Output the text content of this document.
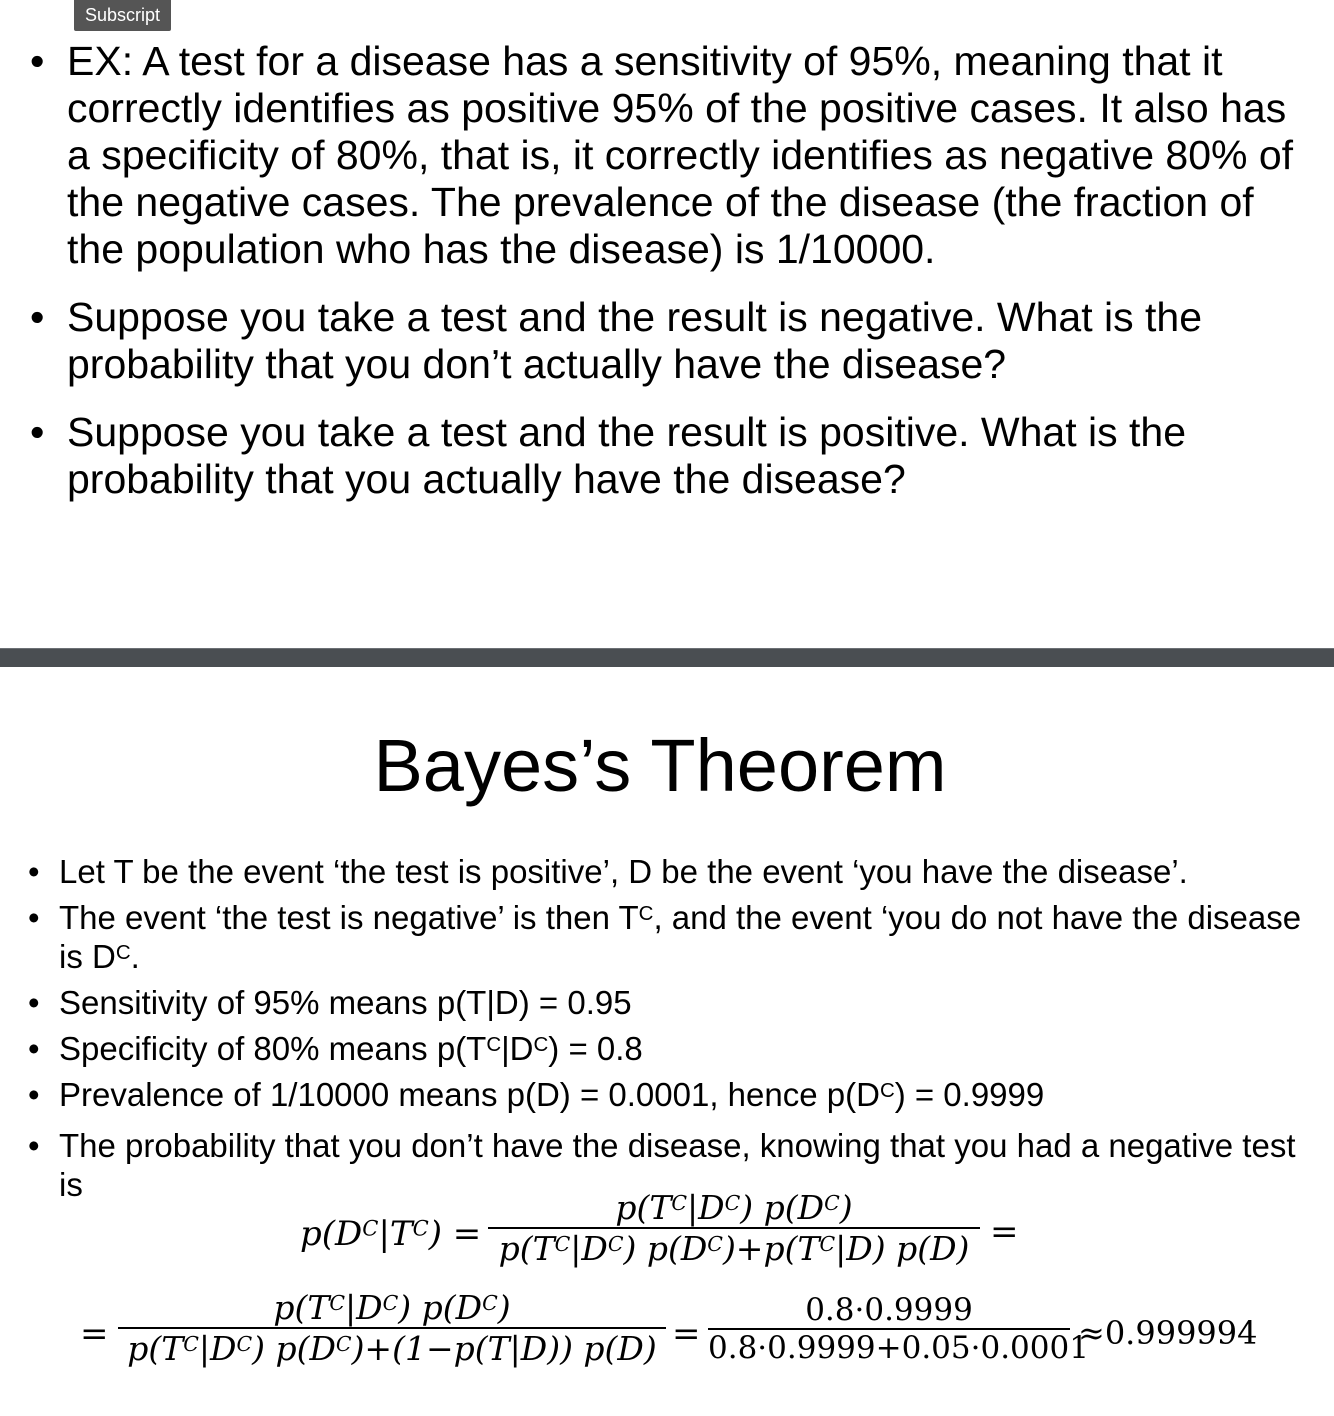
Subscript
• EX: A test for a disease has a sensitivity of 95%, meaning that it correctly identifies as positive 95% of the positive cases. It also has a specificity of 80%, that is, it correctly identifies as negative 80% of the negative cases. The prevalence of the disease (the fraction of the population who has the disease) is 1/10000.
• Suppose you take a test and the result is negative. What is the probability that you don’t actually have the disease?
• Suppose you take a test and the result is positive. What is the probability that you actually have the disease?
Bayes’s Theorem
• Let T be the event ‘the test is positive’, D be the event ‘you have the disease’.
• The event ‘the test is negative’ is then $T^C$, and the event ‘you do not have the disease is $D^C$.
• Sensitivity of 95% means p(T|D) = 0.95
• Specificity of 80% means $p(T^C|D^C) = 0.8$
• Prevalence of 1/10000 means p(D) = 0.0001, hence $p(D^C) = 0.9999$
• The probability that you don’t have the disease, knowing that you had a negative test is
$p(D^C|T^C)$ =
$p(T^C|D^C)$ $p(D^C)$
$p(T^C|D^C)$ $p(D^C)+p(T^C|D) p(D)$ =
=
$p(T^C|D^C)$ $p(D^C)$
$p(T^C|D^C)$ $p(D^C)+(1-p(T|D)) p(D)$ =
0.8·0.9999
0.8·0.9999+0.05·0.0001
≈0.999994
